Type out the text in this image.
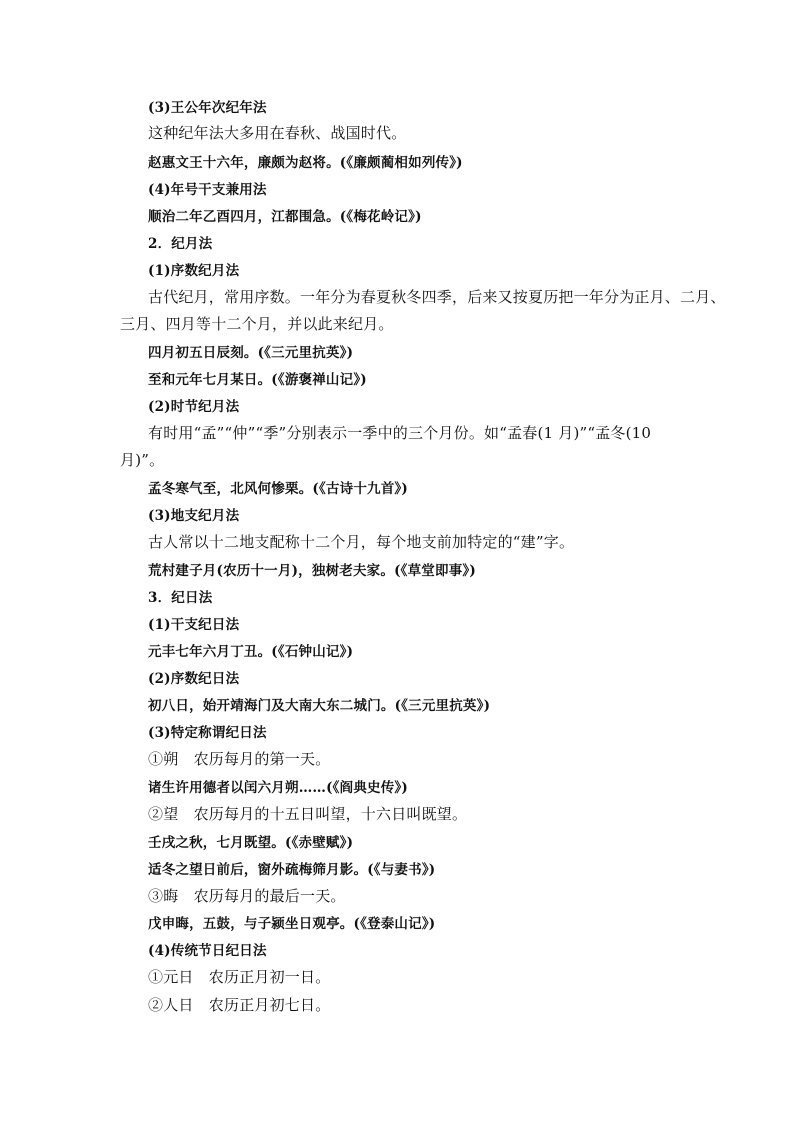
(3)王公年次纪年法
这种纪年法大多用在春秋、战国时代。
赵惠文王十六年，廉颇为赵将。(《廉颇蔺相如列传》)
(4)年号干支兼用法
顺治二年乙酉四月，江都围急。(《梅花岭记》)
2．纪月法
(1)序数纪月法
古代纪月，常用序数。一年分为春夏秋冬四季，后来又按夏历把一年分为正月、二月、
三月、四月等十二个月，并以此来纪月。
四月初五日辰刻。(《三元里抗英》)
至和元年七月某日。(《游褒禅山记》)
(2)时节纪月法
有时用“孟”“仲”“季”分别表示一季中的三个月份。如“孟春(1 月)”“孟冬(10
月)”。
孟冬寒气至，北风何惨栗。(《古诗十九首》)
(3)地支纪月法
古人常以十二地支配称十二个月，每个地支前加特定的“建”字。
荒村建子月(农历十一月)，独树老夫家。(《草堂即事》)
3．纪日法
(1)干支纪日法
元丰七年六月丁丑。(《石钟山记》)
(2)序数纪日法
初八日，始开靖海门及大南大东二城门。(《三元里抗英》)
(3)特定称谓纪日法
①朔　农历每月的第一天。
诸生许用德者以闰六月朔……(《阎典史传》)
②望　农历每月的十五日叫望，十六日叫既望。
壬戌之秋，七月既望。(《赤壁赋》)
适冬之望日前后，窗外疏梅筛月影。(《与妻书》)
③晦　农历每月的最后一天。
戊申晦，五鼓，与子颍坐日观亭。(《登泰山记》)
(4)传统节日纪日法
①元日　农历正月初一日。
②人日　农历正月初七日。
